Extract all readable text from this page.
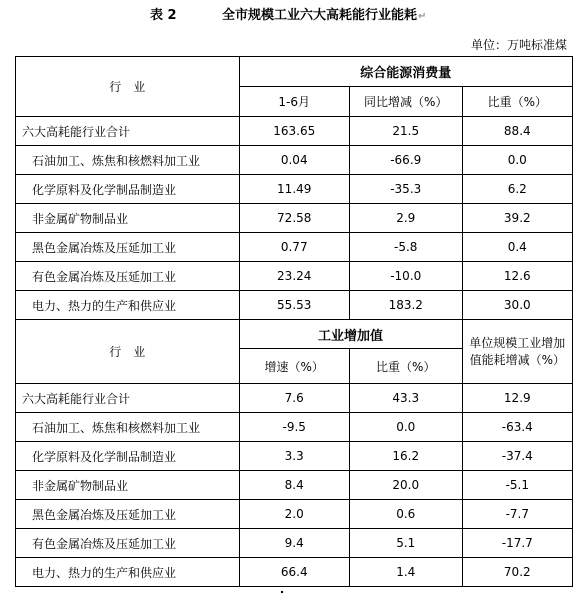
表 2	全市规模工业六大高耗能行业能耗↵
单位：万吨标准煤
行　业	综合能源消费量		
	1-6月	同比增减（%）	比重（%）
六大高耗能行业合计	163.65	21.5	88.4
石油加工、炼焦和核燃料加工业	0.04	-66.9	0.0
化学原料及化学制品制造业	11.49	-35.3	6.2
非金属矿物制品业	72.58	2.9	39.2
黑色金属冶炼及压延加工业	0.77	-5.8	0.4
有色金属冶炼及压延加工业	23.24	-10.0	12.6
电力、热力的生产和供应业	55.53	183.2	30.0
行　业	工业增加值		单位规模工业增加值能耗增减（%）
	增速（%）	比重（%）	
六大高耗能行业合计	7.6	43.3	12.9
石油加工、炼焦和核燃料加工业	-9.5	0.0	-63.4
化学原料及化学制品制造业	3.3	16.2	-37.4
非金属矿物制品业	8.4	20.0	-5.1
黑色金属冶炼及压延加工业	2.0	0.6	-7.7
有色金属冶炼及压延加工业	9.4	5.1	-17.7
电力、热力的生产和供应业	66.4	1.4	70.2
